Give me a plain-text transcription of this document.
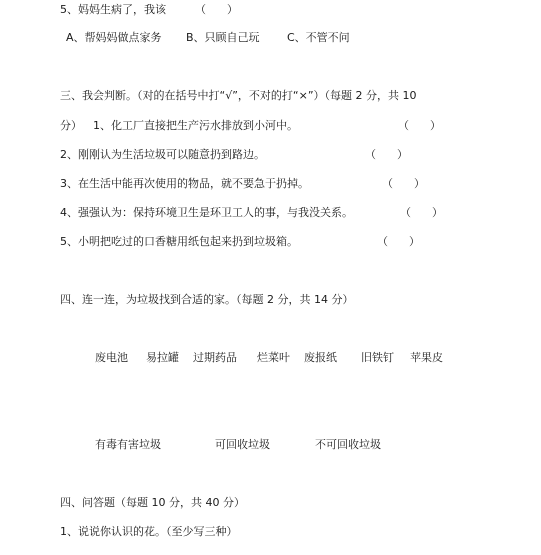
5、妈妈生病了，我该	（      ）
A、帮妈妈做点家务 B、只顾自己玩 C、不管不问
三、我会判断。（对的在括号中打“√”，不对的打“×”）（每题 2 分，共 10
分） 1、化工厂直接把生产污水排放到小河中。	（      ）
2、刚刚认为生活垃圾可以随意扔到路边。	（      ）
3、在生活中能再次使用的物品，就不要急于扔掉。	（      ）
4、强强认为：保持环境卫生是环卫工人的事，与我没关系。	（      ）
5、小明把吃过的口香糖用纸包起来扔到垃圾箱。	（      ）
四、连一连，为垃圾找到合适的家。（每题 2 分，共 14 分）
废电池 易拉罐 过期药品 烂菜叶 废报纸 旧铁钉 苹果皮
有毒有害垃圾	可回收垃圾	不可回收垃圾
四、问答题（每题 10 分，共 40 分）
1、说说你认识的花。（至少写三种）
